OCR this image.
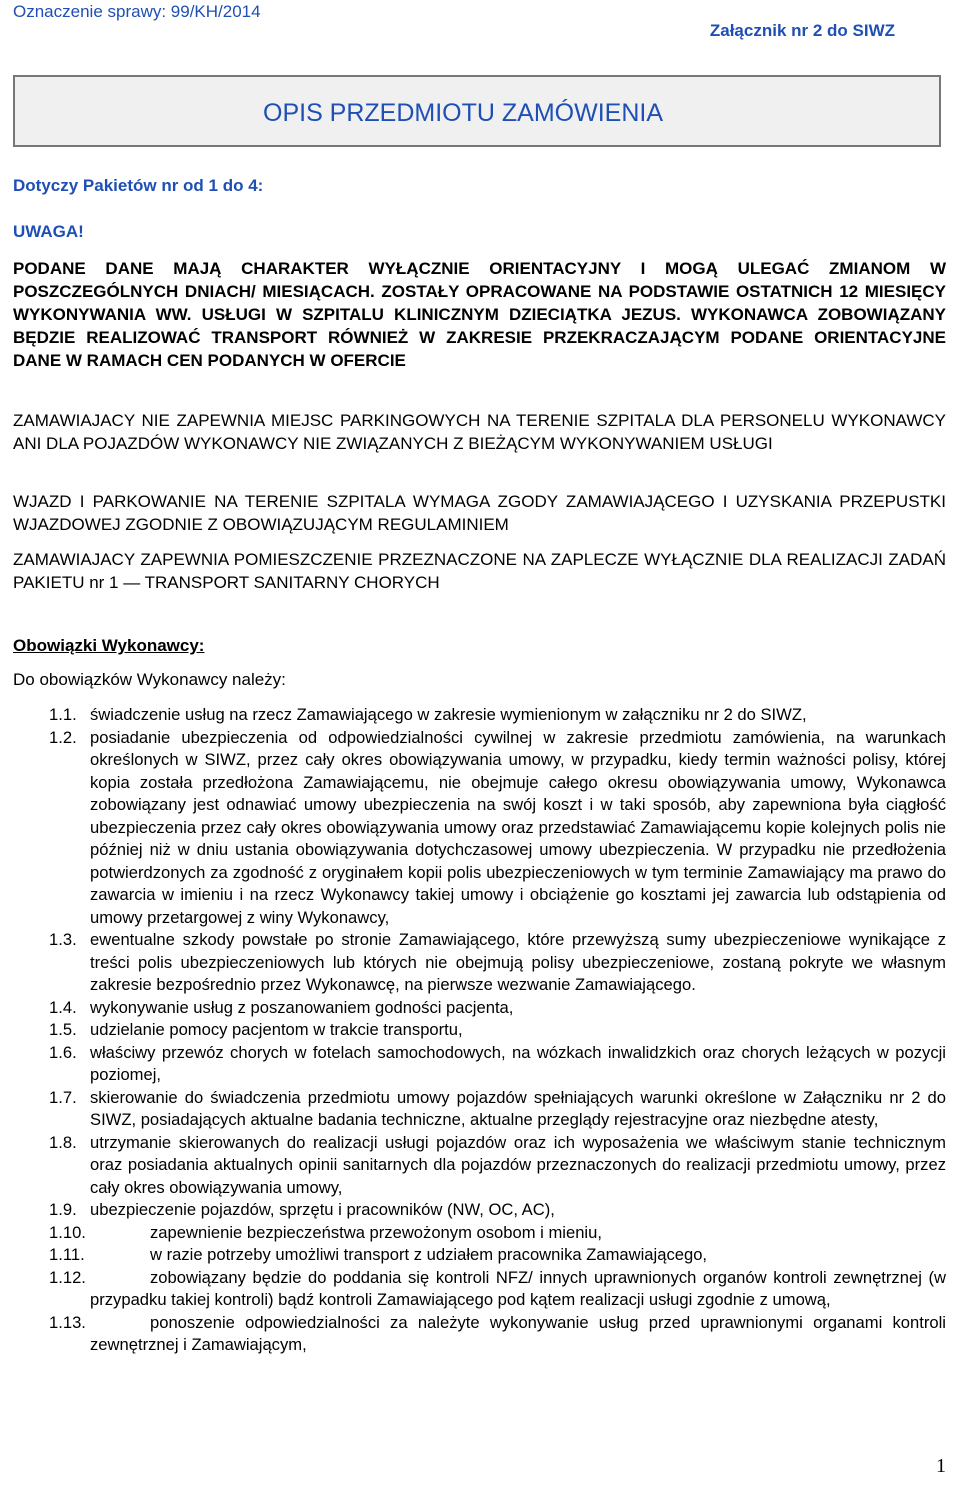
Oznaczenie sprawy: 99/KH/2014
Załącznik nr 2 do SIWZ
OPIS PRZEDMIOTU ZAMÓWIENIA
Dotyczy Pakietów nr od 1 do 4:
UWAGA!
PODANE DANE MAJĄ CHARAKTER WYŁĄCZNIE ORIENTACYJNY I MOGĄ ULEGAĆ ZMIANOM W POSZCZEGÓLNYCH DNIACH/ MIESIĄCACH. ZOSTAŁY OPRACOWANE NA PODSTAWIE OSTATNICH 12 MIESIĘCY WYKONYWANIA WW. USŁUGI W SZPITALU KLINICZNYM DZIECIĄTKA JEZUS. WYKONAWCA ZOBOWIĄZANY BĘDZIE REALIZOWAĆ TRANSPORT RÓWNIEŻ W ZAKRESIE PRZEKRACZAJĄCYM PODANE ORIENTACYJNE DANE W RAMACH CEN PODANYCH W OFERCIE
ZAMAWIAJACY NIE ZAPEWNIA MIEJSC PARKINGOWYCH NA TERENIE SZPITALA DLA PERSONELU WYKONAWCY ANI DLA POJAZDÓW WYKONAWCY NIE ZWIĄZANYCH Z BIEŻĄCYM WYKONYWANIEM USŁUGI
WJAZD I PARKOWANIE NA TERENIE SZPITALA WYMAGA ZGODY ZAMAWIAJĄCEGO I UZYSKANIA PRZEPUSTKI WJAZDOWEJ ZGODNIE Z OBOWIĄZUJĄCYM REGULAMINIEM
ZAMAWIAJACY ZAPEWNIA POMIESZCZENIE PRZEZNACZONE NA ZAPLECZE WYŁĄCZNIE DLA REALIZACJI ZADAŃ PAKIETU nr 1 — TRANSPORT SANITARNY CHORYCH
Obowiązki Wykonawcy:
Do obowiązków Wykonawcy należy:
1.1. świadczenie usług na rzecz Zamawiającego w zakresie wymienionym w załączniku nr 2 do SIWZ,
1.2. posiadanie ubezpieczenia od odpowiedzialności cywilnej w zakresie przedmiotu zamówienia, na warunkach określonych w SIWZ, przez cały okres obowiązywania umowy, w przypadku, kiedy termin ważności polisy, której kopia została przedłożona Zamawiającemu, nie obejmuje całego okresu obowiązywania umowy, Wykonawca zobowiązany jest odnawiać umowy ubezpieczenia na swój koszt i w taki sposób, aby zapewniona była ciągłość ubezpieczenia przez cały okres obowiązywania umowy oraz przedstawiać Zamawiającemu kopie kolejnych polis nie później niż w dniu ustania obowiązywania dotychczasowej umowy ubezpieczenia. W przypadku nie przedłożenia potwierdzonych za zgodność z oryginałem kopii polis ubezpieczeniowych w tym terminie Zamawiający ma prawo do zawarcia w imieniu i na rzecz Wykonawcy takiej umowy i obciążenie go kosztami jej zawarcia lub odstąpienia od umowy przetargowej z winy Wykonawcy,
1.3. ewentualne szkody powstałe po stronie Zamawiającego, które przewyższą sumy ubezpieczeniowe wynikające z treści polis ubezpieczeniowych lub których nie obejmują polisy ubezpieczeniowe, zostaną pokryte we własnym zakresie bezpośrednio przez Wykonawcę, na pierwsze wezwanie Zamawiającego.
1.4. wykonywanie usług z poszanowaniem godności pacjenta,
1.5. udzielanie pomocy pacjentom w trakcie transportu,
1.6. właściwy przewóz chorych w fotelach samochodowych, na wózkach inwalidzkich oraz chorych leżących w pozycji poziomej,
1.7. skierowanie do świadczenia przedmiotu umowy pojazdów spełniających warunki określone w Załączniku nr 2 do SIWZ, posiadających aktualne badania techniczne, aktualne przeglądy rejestracyjne oraz niezbędne atesty,
1.8. utrzymanie skierowanych do realizacji usługi pojazdów oraz ich wyposażenia we właściwym stanie technicznym oraz posiadania aktualnych opinii sanitarnych dla pojazdów przeznaczonych do realizacji przedmiotu umowy, przez cały okres obowiązywania umowy,
1.9. ubezpieczenie pojazdów, sprzętu i pracowników (NW, OC, AC),
1.10.	zapewnienie bezpieczeństwa przewożonym osobom i mieniu,
1.11.	w razie potrzeby umożliwi transport z udziałem pracownika Zamawiającego,
1.12.	zobowiązany będzie do poddania się kontroli NFZ/ innych uprawnionych organów kontroli zewnętrznej (w przypadku takiej kontroli) bądź kontroli Zamawiającego pod kątem realizacji usługi zgodnie z umową,
1.13.	ponoszenie odpowiedzialności za należyte wykonywanie usług przed uprawnionymi organami kontroli zewnętrznej i Zamawiającym,
1
